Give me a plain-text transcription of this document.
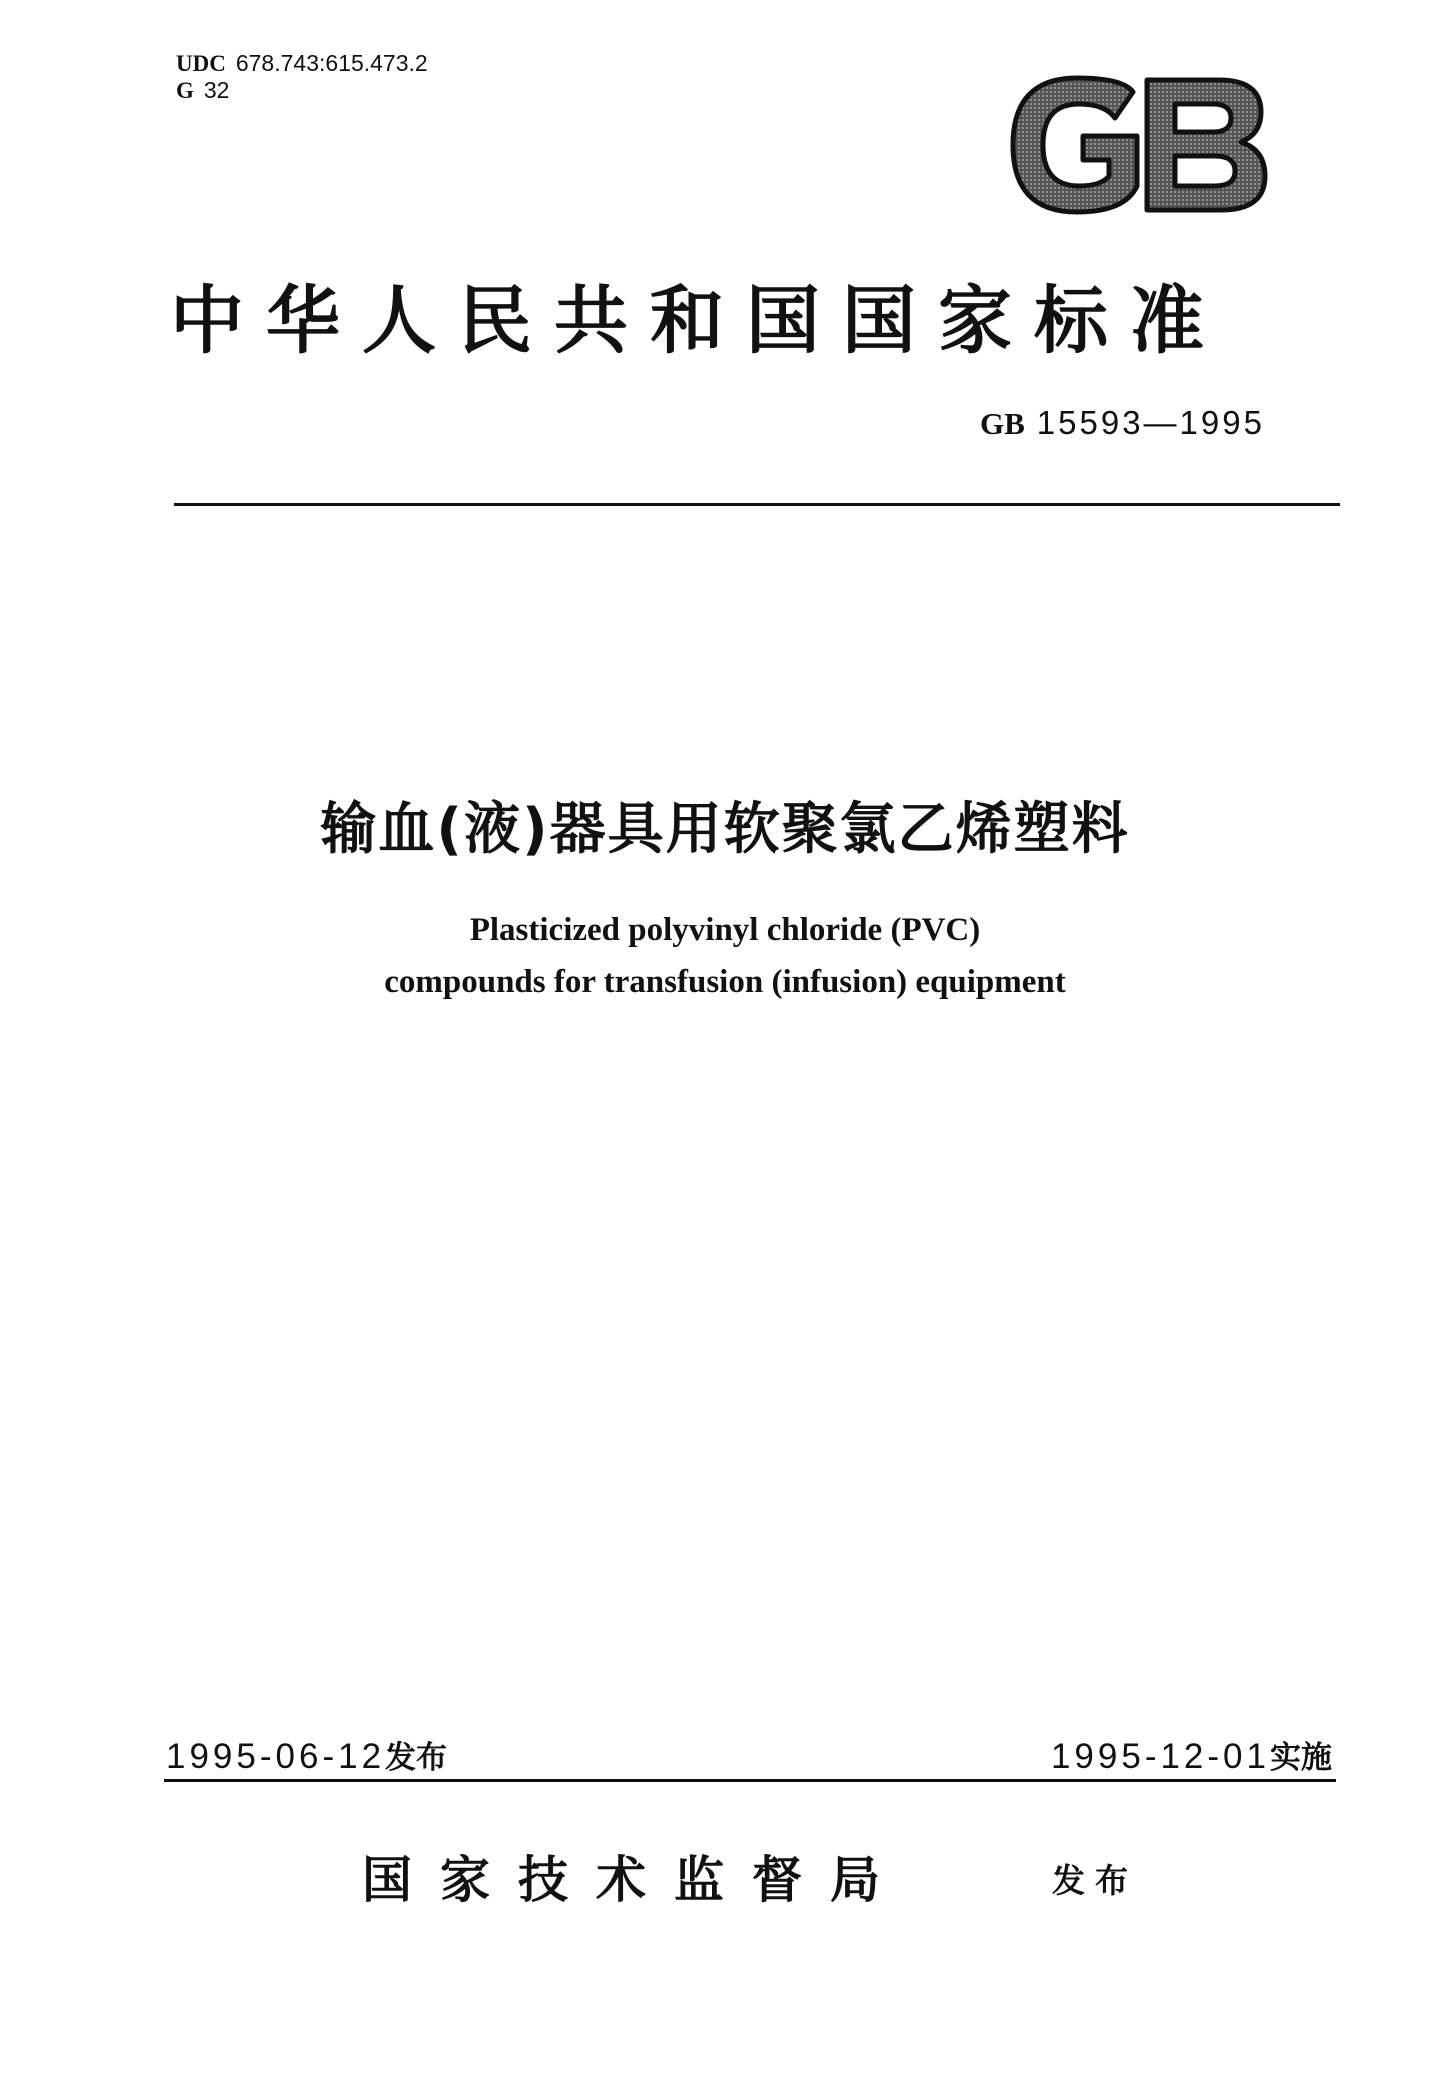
UDC 678.743:615.473.2
G 32
中华人民共和国国家标准
GB 15593—1995
输血(液)器具用软聚氯乙烯塑料
Plasticized polyvinyl chloride (PVC)
compounds for transfusion (infusion) equipment
1995-06-12发布	1995-12-01实施
国家技术监督局	发布
